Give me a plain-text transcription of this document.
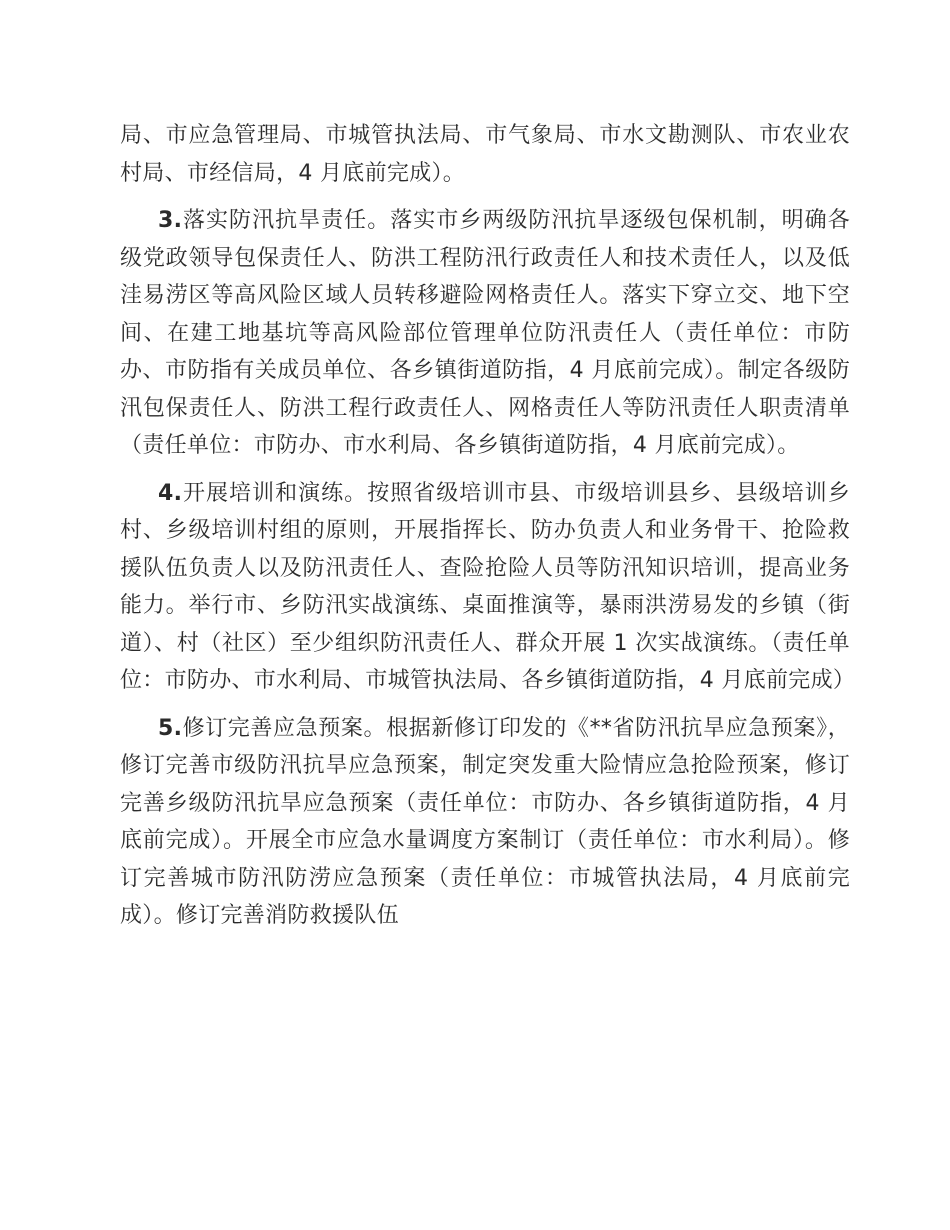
局、市应急管理局、市城管执法局、市气象局、市水文勘测队、市农业农村局、市经信局，4 月底前完成）。

3.落实防汛抗旱责任。落实市乡两级防汛抗旱逐级包保机制，明确各级党政领导包保责任人、防洪工程防汛行政责任人和技术责任人，以及低洼易涝区等高风险区域人员转移避险网格责任人。落实下穿立交、地下空间、在建工地基坑等高风险部位管理单位防汛责任人（责任单位：市防办、市防指有关成员单位、各乡镇街道防指，4 月底前完成）。制定各级防汛包保责任人、防洪工程行政责任人、网格责任人等防汛责任人职责清单（责任单位：市防办、市水利局、各乡镇街道防指，4 月底前完成）。

4.开展培训和演练。按照省级培训市县、市级培训县乡、县级培训乡村、乡级培训村组的原则，开展指挥长、防办负责人和业务骨干、抢险救援队伍负责人以及防汛责任人、查险抢险人员等防汛知识培训，提高业务能力。举行市、乡防汛实战演练、桌面推演等，暴雨洪涝易发的乡镇（街道）、村（社区）至少组织防汛责任人、群众开展 1 次实战演练。（责任单位：市防办、市水利局、市城管执法局、各乡镇街道防指，4 月底前完成）

5.修订完善应急预案。根据新修订印发的《**省防汛抗旱应急预案》，修订完善市级防汛抗旱应急预案，制定突发重大险情应急抢险预案，修订完善乡级防汛抗旱应急预案（责任单位：市防办、各乡镇街道防指，4 月底前完成）。开展全市应急水量调度方案制订（责任单位：市水利局）。修订完善城市防汛防涝应急预案（责任单位：市城管执法局，4 月底前完成）。修订完善消防救援队伍
